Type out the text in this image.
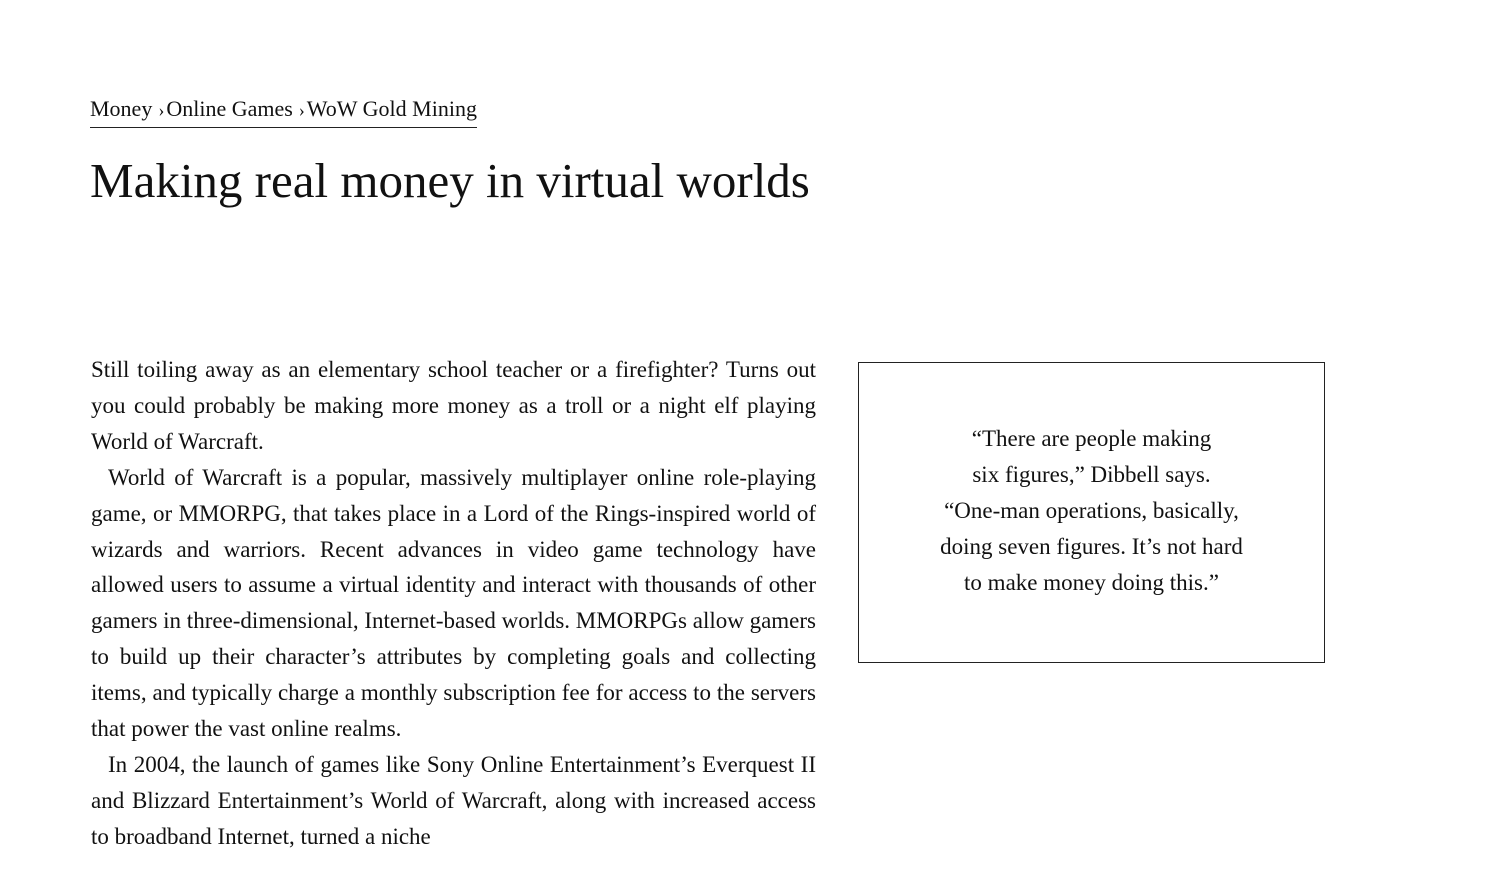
Money ›Online Games ›WoW Gold Mining
Making real money in virtual worlds

Still toiling away as an elementary school teacher or a firefighter? Turns out you could probably be making more money as a troll or a night elf playing World of Warcraft.

World of Warcraft is a popular, massively multiplayer online role-playing game, or MMORPG, that takes place in a Lord of the Rings-inspired world of wizards and warriors. Recent advances in video game technology have allowed users to assume a virtual identity and interact with thousands of other gamers in three-dimensional, Internet-based worlds. MMORPGs allow gamers to build up their character’s attributes by completing goals and collecting items, and typically charge a monthly subscription fee for access to the servers that power the vast online realms.

In 2004, the launch of games like Sony Online Entertainment’s Everquest II and Blizzard Entertainment’s World of Warcraft, along with increased access to broadband Internet, turned a niche

“There are people making
six figures,” Dibbell says.
“One-man operations, basically,
doing seven figures. It’s not hard
to make money doing this.”
